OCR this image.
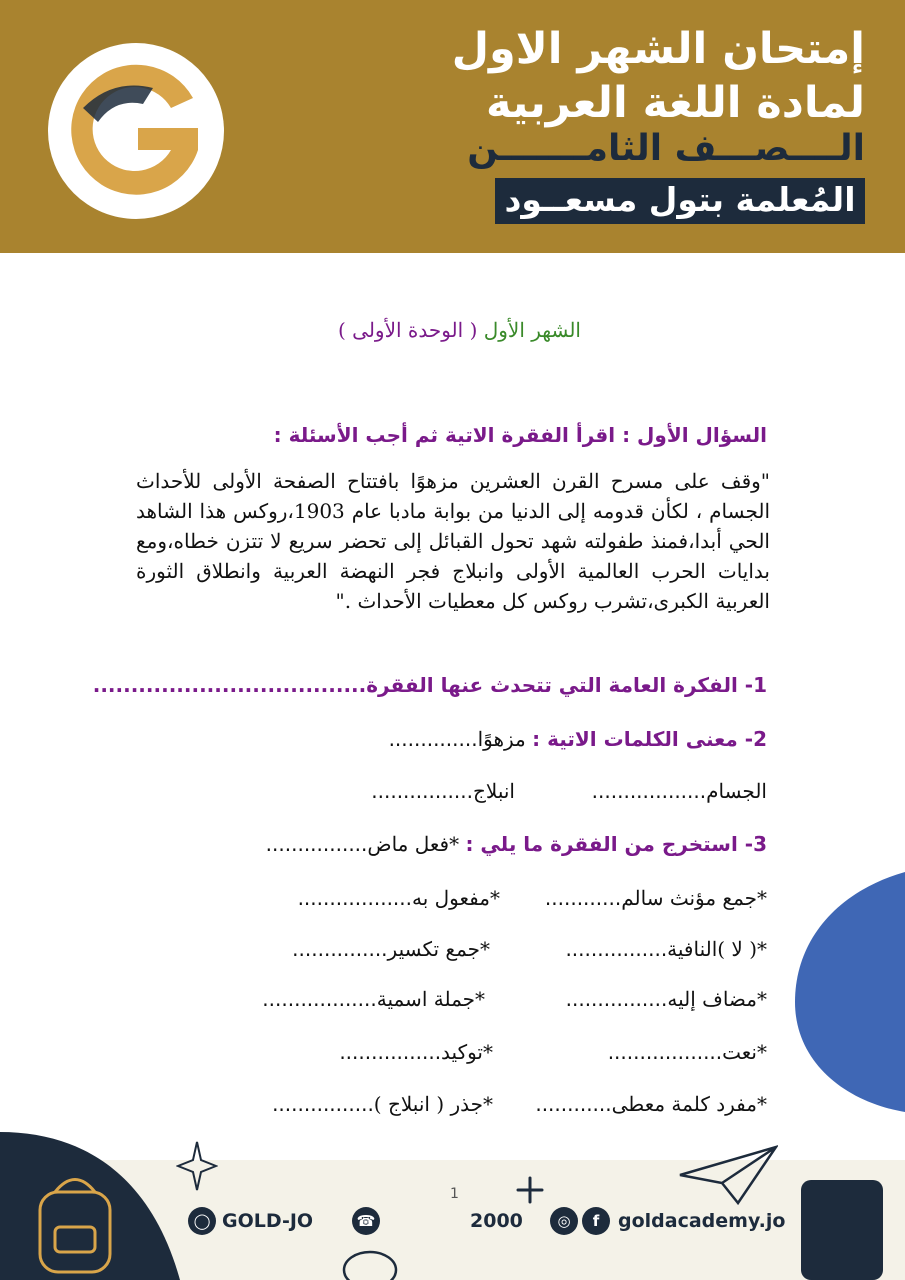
إمتحان الشهر الاول
لمادة اللغة العربية
الــــصـــف الثامـــــــن
المُعلمة بتول مسعــود
الشهر الأول ( الوحدة الأولى )
السؤال الأول : اقرأ الفقرة الاتية ثم أجب الأسئلة :
"وقف على مسرح القرن العشرين مزهوًا بافتتاح الصفحة الأولى للأحداث الجسام ، لكأن قدومه إلى الدنيا من بوابة مادبا عام 1903،روكس هذا الشاهد الحي أبدا،فمنذ طفولته شهد تحول القبائل إلى تحضر سريع لا تتزن خطاه،ومع بدايات الحرب العالمية الأولى وانبلاج فجر النهضة العربية وانطلاق الثورة العربية الكبرى،تشرب روكس كل معطيات الأحداث ."
1- الفكرة العامة التي تتحدث عنها الفقرة....................................
2- معنى الكلمات الاتية : مزهوًا..............
الجسام..................
انبلاج................
3- استخرج من الفقرة ما يلي : *فعل ماض................
*جمع مؤنث سالم............
*مفعول به..................
*( لا )النافية................
*جمع تكسير...............
*مضاف إليه................
*جملة اسمية..................
*نعت..................
*توكيد................
*مفرد كلمة معطى............
*جذر ( انبلاج )................
1
◯ GOLD-JO	☎	2000	◎	f goldacademy.jo
